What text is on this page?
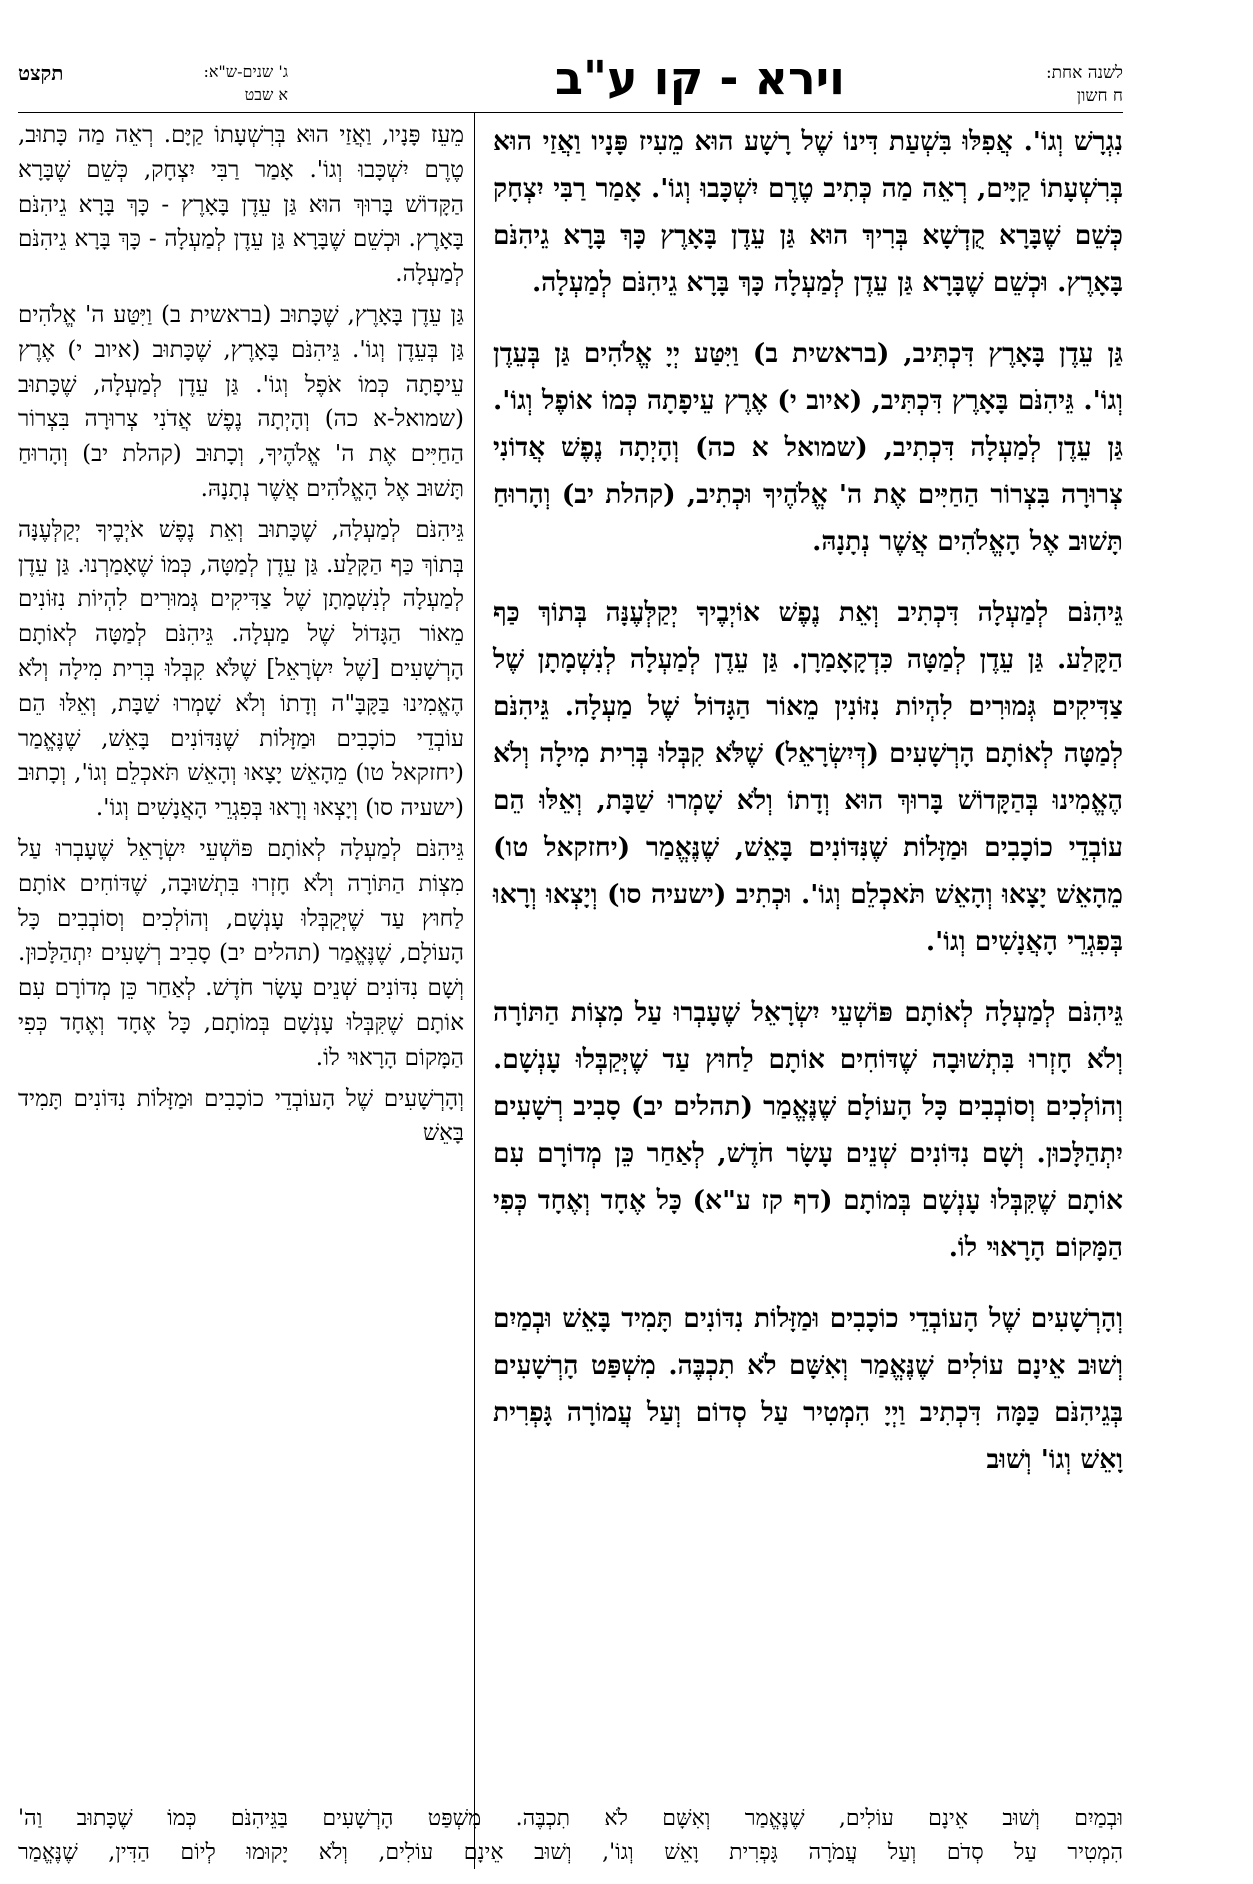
לשנה אחת:
ח חשון
וירא - קו ע"ב
ג' שנים-ש"א:
א שבט
תקצט

נִגְרָשׁ וְגוֹ'. אֲפִלּוּ בִּשְׁעַת דִּינוֹ שֶׁל רָשָׁע הוּא מֵעִיז פָּנָיו וַאֲזַי הוּא בְּרִשְׁעָתוֹ קַיָּים, רְאֵה מַה כְּתִיב טֶרֶם יִשְׁכָּבוּ וְגוֹ'. אָמַר רַבִּי יִצְחָק כְּשֵׁם שֶׁבָּרָא קֻדְשָׁא בְּרִיךְ הוּא גַּן עֵדֶן בָּאָרֶץ כָּךְ בָּרָא גֵיהִנֹּם בָּאָרֶץ. וּכְשֵׁם שֶׁבָּרָא גַּן עֵדֶן לְמַעְלָה כָּךְ בָּרָא גֵיהִנֹּם לְמַעְלָה.

גַּן עֵדֶן בָּאָרֶץ דִּכְתִּיב, (בראשית ב) וַיִּטַּע יְיָ אֱלֹהִים גַּן בְּעֵדֶן וְגוֹ'. גֵּיהִנֹּם בָּאָרֶץ דִּכְתִּיב, (איוב י) אֶרֶץ עֵיפָתָה כְּמוֹ אוֹפֶל וְגוֹ'. גַּן עֵדֶן לְמַעְלָה דִּכְתִיב, (שמואל א כה) וְהָיְתָה נֶפֶשׁ אֲדוֹנִי צְרוּרָה בִּצְרוֹר הַחַיִּים אֶת ה' אֱלֹהֶיךָ וּכְתִיב, (קהלת יב) וְהָרוּחַ תָּשׁוּב אֶל הָאֱלֹהִים אֲשֶׁר נְתָנָהּ.

גֵּיהִנֹּם לְמַעְלָה דִּכְתִיב וְאֵת נֶפֶשׁ אוֹיְבֶיךָ יְקַלְּעֶנָּה בְּתוֹךְ כַּף הַקָּלַע. גַּן עֵדֶן לְמַטָּה כִּדְקָאָמַרָן. גַּן עֵדֶן לְמַעְלָה לְנִשְׁמָתָן שֶׁל צַדִּיקִים גְּמוּרִים לִהְיוֹת נִזּוֹנִין מֵאוֹר הַגָּדוֹל שֶׁל מַעְלָה. גֵּיהִנֹּם לְמַטָּה לְאוֹתָם הָרְשָׁעִים (דְּיִשְׂרָאֵל) שֶׁלֹּא קִבְּלוּ בְּרִית מִילָה וְלֹא הֶאֱמִינוּ בְּהַקָּדוֹשׁ בָּרוּךְ הוּא וְדָתוֹ וְלֹא שָׁמְרוּ שַׁבָּת, וְאֵלּוּ הֵם עוֹבְדֵי כוֹכָבִים וּמַזָּלוֹת שֶׁנִּדּוֹנִים בָּאֵשׁ, שֶׁנֶּאֱמַר (יחזקאל טו) מֵהָאֵשׁ יָצָאוּ וְהָאֵשׁ תֹּאכְלֵם וְגוֹ'. וּכְתִיב (ישעיה סו) וְיָצְאוּ וְרָאוּ בְּפִגְרֵי הָאֲנָשִׁים וְגוֹ'.

גֵּיהִנֹּם לְמַעְלָה לְאוֹתָם פּוֹשְׁעֵי יִשְׂרָאֵל שֶׁעָבְרוּ עַל מִצְוֹת הַתּוֹרָה וְלֹא חָזְרוּ בִּתְשׁוּבָה שֶׁדּוֹחִים אוֹתָם לַחוּץ עַד שֶׁיְּקַבְּלוּ עָנְשָׁם. וְהוֹלְכִים וְסוֹבְבִים כָּל הָעוֹלָם שֶׁנֶּאֱמַר (תהלים יב) סָבִיב רְשָׁעִים יִתְהַלָּכוּן. וְשָׁם נִדּוֹנִים שְׁנֵים עָשָׂר חֹדֶשׁ, לְאַחַר כֵּן מְדוֹרָם עִם אוֹתָם שֶׁקִּבְּלוּ עָנְשָׁם בְּמוֹתָם (דף קז ע"א) כָּל אֶחָד וְאֶחָד כְּפִי הַמָּקוֹם הָרָאוּי לוֹ.

וְהָרְשָׁעִים שֶׁל הָעוֹבְדֵי כוֹכָבִים וּמַזָּלוֹת נִדּוֹנִים תָּמִיד בָּאֵשׁ וּבְמַיִם וְשׁוּב אֵינָם עוֹלִים שֶׁנֶּאֱמַר וְאִשָּׁם לֹא תִכְבֶּה. מִשְׁפַּט הָרְשָׁעִים בְּגֵיהִנֹּם כַּמָּה דִּכְתִיב וַיְיָ הִמְטִיר עַל סְדוֹם וְעַל עֲמוֹרָה גָּפְרִית וָאֵשׁ וְגוֹ' וְשׁוּב

מֵעֵז פָּנָיו, וַאֲזַי הוּא בְּרִשְׁעָתוֹ קַיָּם. רְאֵה מַה כָּתוּב, טֶרֶם יִשְׁכָּבוּ וְגוֹ'. אָמַר רַבִּי יִצְחָק, כְּשֵׁם שֶׁבָּרָא הַקָּדוֹשׁ בָּרוּךְ הוּא גַּן עֵדֶן בָּאָרֶץ - כָּךְ בָּרָא גֵיהִנֹּם בָּאָרֶץ. וּכְשֵׁם שֶׁבָּרָא גַּן עֵדֶן לְמַעְלָה - כָּךְ בָּרָא גֵיהִנֹּם לְמַעְלָה.

גַּן עֵדֶן בָּאָרֶץ, שֶׁכָּתוּב (בראשית ב) וַיִּטַּע ה' אֱלֹהִים גַּן בְּעֵדֶן וְגוֹ'. גֵּיהִנֹּם בָּאָרֶץ, שֶׁכָּתוּב (איוב י) אֶרֶץ עֵיפָתָה כְּמוֹ אֹפֶל וְגוֹ'. גַּן עֵדֶן לְמַעְלָה, שֶׁכָּתוּב (שמואל-א כה) וְהָיְתָה נֶפֶשׁ אֲדֹנִי צְרוּרָה בִּצְרוֹר הַחַיִּים אֶת ה' אֱלֹהֶיךָ, וְכָתוּב (קהלת יב) וְהָרוּחַ תָּשׁוּב אֶל הָאֱלֹהִים אֲשֶׁר נְתָנָהּ.

גֵּיהִנֹּם לְמַעְלָה, שֶׁכָּתוּב וְאֵת נֶפֶשׁ אֹיְבֶיךָ יְקַלְּעֶנָּה בְּתוֹךְ כַּף הַקָּלַע. גַּן עֵדֶן לְמַטָּה, כְּמוֹ שֶׁאָמַרְנוּ. גַּן עֵדֶן לְמַעְלָה לְנִשְׁמָתָן שֶׁל צַדִּיקִים גְּמוּרִים לִהְיוֹת נִזּוֹנִים מֵאוֹר הַגָּדוֹל שֶׁל מַעְלָה. גֵּיהִנֹּם לְמַטָּה לְאוֹתָם הָרְשָׁעִים [שֶׁל יִשְׂרָאֵל] שֶׁלֹּא קִבְּלוּ בְּרִית מִילָה וְלֹא הֶאֱמִינוּ בַּקָּבָּ"ה וְדָתוֹ וְלֹא שָׁמְרוּ שַׁבָּת, וְאֵלּוּ הֵם עוֹבְדֵי כוֹכָבִים וּמַזָּלוֹת שֶׁנִּדּוֹנִים בָּאֵשׁ, שֶׁנֶּאֱמַר (יחזקאל טו) מֵהָאֵשׁ יָצָאוּ וְהָאֵשׁ תֹּאכְלֵם וְגוֹ', וְכָתוּב (ישעיה סו) וְיָצְאוּ וְרָאוּ בְּפִגְרֵי הָאֲנָשִׁים וְגוֹ'.

גֵּיהִנֹּם לְמַעְלָה לְאוֹתָם פּוֹשְׁעֵי יִשְׂרָאֵל שֶׁעָבְרוּ עַל מִצְוֹת הַתּוֹרָה וְלֹא חָזְרוּ בִּתְשׁוּבָה, שֶׁדּוֹחִים אוֹתָם לַחוּץ עַד שֶׁיְּקַבְּלוּ עָנְשָׁם, וְהוֹלְכִים וְסוֹבְבִים כָּל הָעוֹלָם, שֶׁנֶּאֱמַר (תהלים יב) סָבִיב רְשָׁעִים יִתְהַלָּכוּן. וְשָׁם נִדּוֹנִים שְׁנֵים עָשָׂר חֹדֶשׁ. לְאַחַר כֵּן מְדוֹרָם עִם אוֹתָם שֶׁקִּבְּלוּ עָנְשָׁם בְּמוֹתָם, כָּל אֶחָד וְאֶחָד כְּפִי הַמָּקוֹם הָרָאוּי לוֹ.

וְהָרְשָׁעִים שֶׁל הָעוֹבְדֵי כוֹכָבִים וּמַזָּלוֹת נִדּוֹנִים תָּמִיד בָּאֵשׁ

וּבְמַיִם וְשׁוּב אֵינָם עוֹלִים, שֶׁנֶּאֱמַר וְאִשָּׁם לֹא תִכְבֶּה. מִשְׁפַּט הָרְשָׁעִים בַּגֵּיהִנֹּם כְּמוֹ שֶׁכָּתוּב וַה'

הִמְטִיר עַל סְדֹם וְעַל עֲמֹרָה גָּפְרִית וָאֵשׁ וְגוֹ', וְשׁוּב אֵינָם עוֹלִים, וְלֹא יָקוּמוּ לְיוֹם הַדִּין, שֶׁנֶּאֱמַר
